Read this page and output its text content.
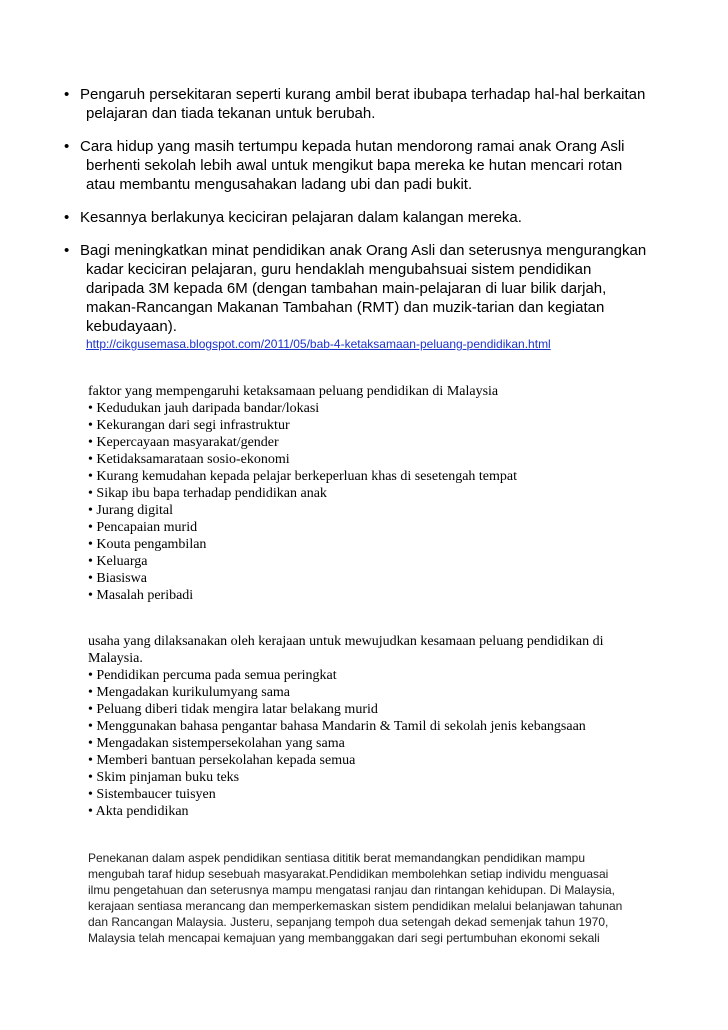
• Pengaruh persekitaran seperti kurang ambil berat ibubapa terhadap hal-hal berkaitan
pelajaran dan tiada tekanan untuk berubah.
• Cara hidup yang masih tertumpu kepada hutan mendorong ramai anak Orang Asli
berhenti sekolah lebih awal untuk mengikut bapa mereka ke hutan mencari rotan
atau membantu mengusahakan ladang ubi dan padi bukit.
• Kesannya berlakunya keciciran pelajaran dalam kalangan mereka.
• Bagi meningkatkan minat pendidikan anak Orang Asli dan seterusnya mengurangkan
kadar keciciran pelajaran, guru hendaklah mengubahsuai sistem pendidikan
daripada 3M kepada 6M (dengan tambahan main-pelajaran di luar bilik darjah,
makan-Rancangan Makanan Tambahan (RMT) dan muzik-tarian dan kegiatan
kebudayaan).
http://cikgusemasa.blogspot.com/2011/05/bab-4-ketaksamaan-peluang-pendidikan.html
faktor yang mempengaruhi ketaksamaan peluang pendidikan di Malaysia
• Kedudukan jauh daripada bandar/lokasi
• Kekurangan dari segi infrastruktur
• Kepercayaan masyarakat/gender
• Ketidaksamarataan sosio-ekonomi
• Kurang kemudahan kepada pelajar berkeperluan khas di sesetengah tempat
• Sikap ibu bapa terhadap pendidikan anak
• Jurang digital
• Pencapaian murid
• Kouta pengambilan
• Keluarga
• Biasiswa
• Masalah peribadi
usaha yang dilaksanakan oleh kerajaan untuk mewujudkan kesamaan peluang pendidikan di
Malaysia.
• Pendidikan percuma pada semua peringkat
• Mengadakan kurikulumyang sama
• Peluang diberi tidak mengira latar belakang murid
• Menggunakan bahasa pengantar bahasa Mandarin & Tamil di sekolah jenis kebangsaan
• Mengadakan sistempersekolahan yang sama
• Memberi bantuan persekolahan kepada semua
• Skim pinjaman buku teks
• Sistembaucer tuisyen
• Akta pendidikan
Penekanan dalam aspek pendidikan sentiasa dititik berat memandangkan pendidikan mampu
mengubah taraf hidup sesebuah masyarakat.Pendidikan membolehkan setiap individu menguasai
ilmu pengetahuan dan seterusnya mampu mengatasi ranjau dan rintangan kehidupan. Di Malaysia,
kerajaan sentiasa merancang dan memperkemaskan sistem pendidikan melalui belanjawan tahunan
dan Rancangan Malaysia. Justeru, sepanjang tempoh dua setengah dekad semenjak tahun 1970,
Malaysia telah mencapai kemajuan yang membanggakan dari segi pertumbuhan ekonomi sekali
